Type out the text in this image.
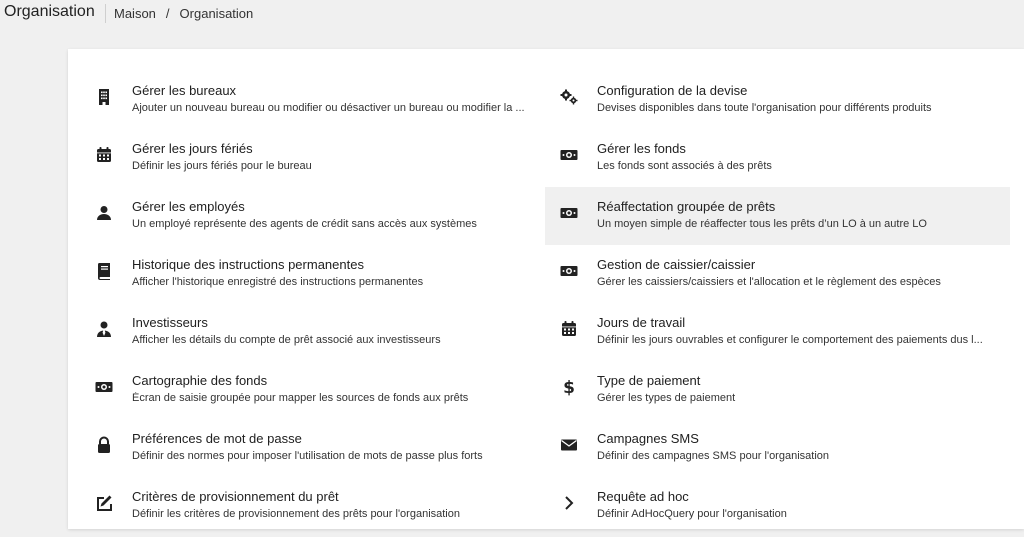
Organisation Maison / Organisation
Gérer les bureaux
Ajouter un nouveau bureau ou modifier ou désactiver un bureau ou modifier la ...
Gérer les jours fériés
Définir les jours fériés pour le bureau
Gérer les employés
Un employé représente des agents de crédit sans accès aux systèmes
Historique des instructions permanentes
Afficher l'historique enregistré des instructions permanentes
Investisseurs
Afficher les détails du compte de prêt associé aux investisseurs
Cartographie des fonds
Écran de saisie groupée pour mapper les sources de fonds aux prêts
Préférences de mot de passe
Définir des normes pour imposer l'utilisation de mots de passe plus forts
Critères de provisionnement du prêt
Définir les critères de provisionnement des prêts pour l'organisation
Configuration de la devise
Devises disponibles dans toute l'organisation pour différents produits
Gérer les fonds
Les fonds sont associés à des prêts
Réaffectation groupée de prêts
Un moyen simple de réaffecter tous les prêts d’un LO à un autre LO
Gestion de caissier/caissier
Gérer les caissiers/caissiers et l'allocation et le règlement des espèces
Jours de travail
Définir les jours ouvrables et configurer le comportement des paiements dus l...
$ Type de paiement
Gérer les types de paiement
Campagnes SMS
Définir des campagnes SMS pour l'organisation
Requête ad hoc
Définir AdHocQuery pour l'organisation
